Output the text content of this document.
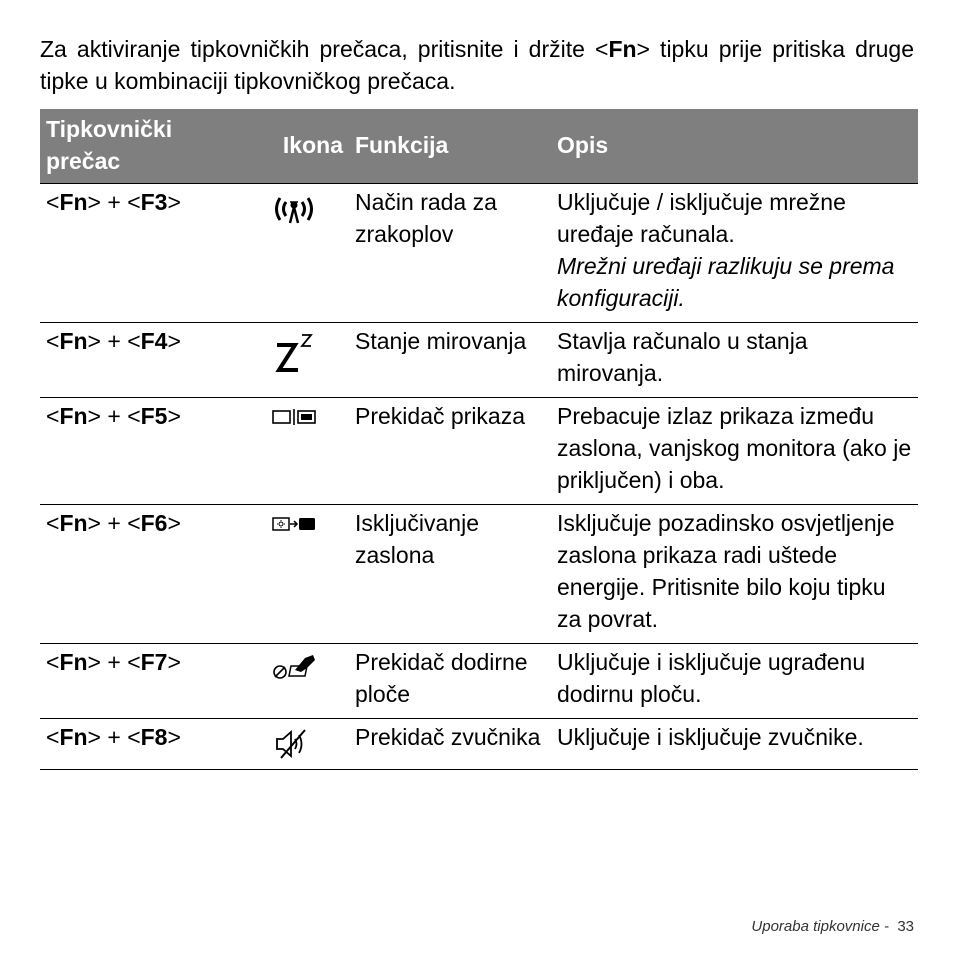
Za aktiviranje tipkovničkih prečaca, pritisnite i držite <Fn> tipku prije pritiska druge tipke u kombinaciji tipkovničkog prečaca.

Tipkovnički prečac	Ikona	Funkcija	Opis
<Fn> + <F3>		Način rada za zrakoplov	Uključuje / isključuje mrežne uređaje računala.
Mrežni uređaji razlikuju se prema konfiguraciji.

<Fn> + <F4>		Stanje mirovanja	Stavlja računalo u stanja mirovanja.
<Fn> + <F5>		Prekidač prikaza	Prebacuje izlaz prikaza između zaslona, vanjskog monitora (ako je priključen) i oba.
<Fn> + <F6>		Isključivanje zaslona	Isključuje pozadinsko osvjetljenje zaslona prikaza radi uštede energije. Pritisnite bilo koju tipku za povrat.
<Fn> + <F7>		Prekidač dodirne ploče	Uključuje i isključuje ugrađenu dodirnu ploču.
<Fn> + <F8>		Prekidač zvučnika	Uključuje i isključuje zvučnike.
Uporaba tipkovnice - 33
